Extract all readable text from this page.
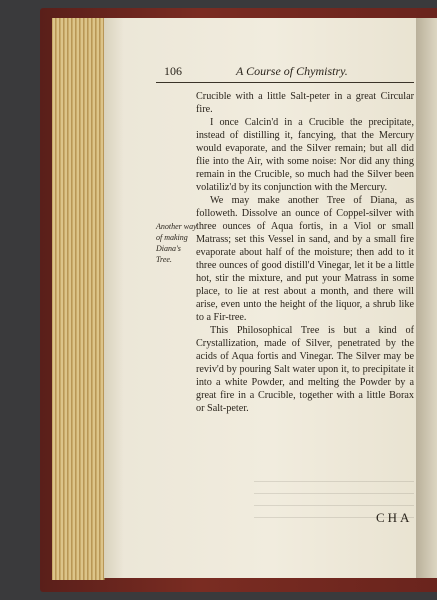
106	A Course of Chymistry.
Another way of making Diana's Tree.

Crucible with a little Salt-peter in a great Circular fire.

I once Calcin'd in a Crucible the precipitate, instead of distilling it, fancying, that the Mercury would evaporate, and the Silver remain; but all did flie into the Air, with some noise: Nor did any thing remain in the Crucible, so much had the Silver been volatiliz'd by its conjunction with the Mercury.

We may make another Tree of Diana, as followeth. Dissolve an ounce of Coppel-silver with three ounces of Aqua fortis, in a Viol or small Matrass; set this Vessel in sand, and by a small fire evaporate about half of the moisture; then add to it three ounces of good distill'd Vinegar, let it be a little hot, stir the mixture, and put your Matrass in some place, to lie at rest about a month, and there will arise, even unto the height of the liquor, a shrub like to a Fir-tree.

This Philosophical Tree is but a kind of Crystallization, made of Silver, penetrated by the acids of Aqua fortis and Vinegar. The Silver may be reviv'd by pouring Salt water upon it, to precipitate it into a white Powder, and melting the Powder by a great fire in a Crucible, together with a little Borax or Salt-peter.

CHA
